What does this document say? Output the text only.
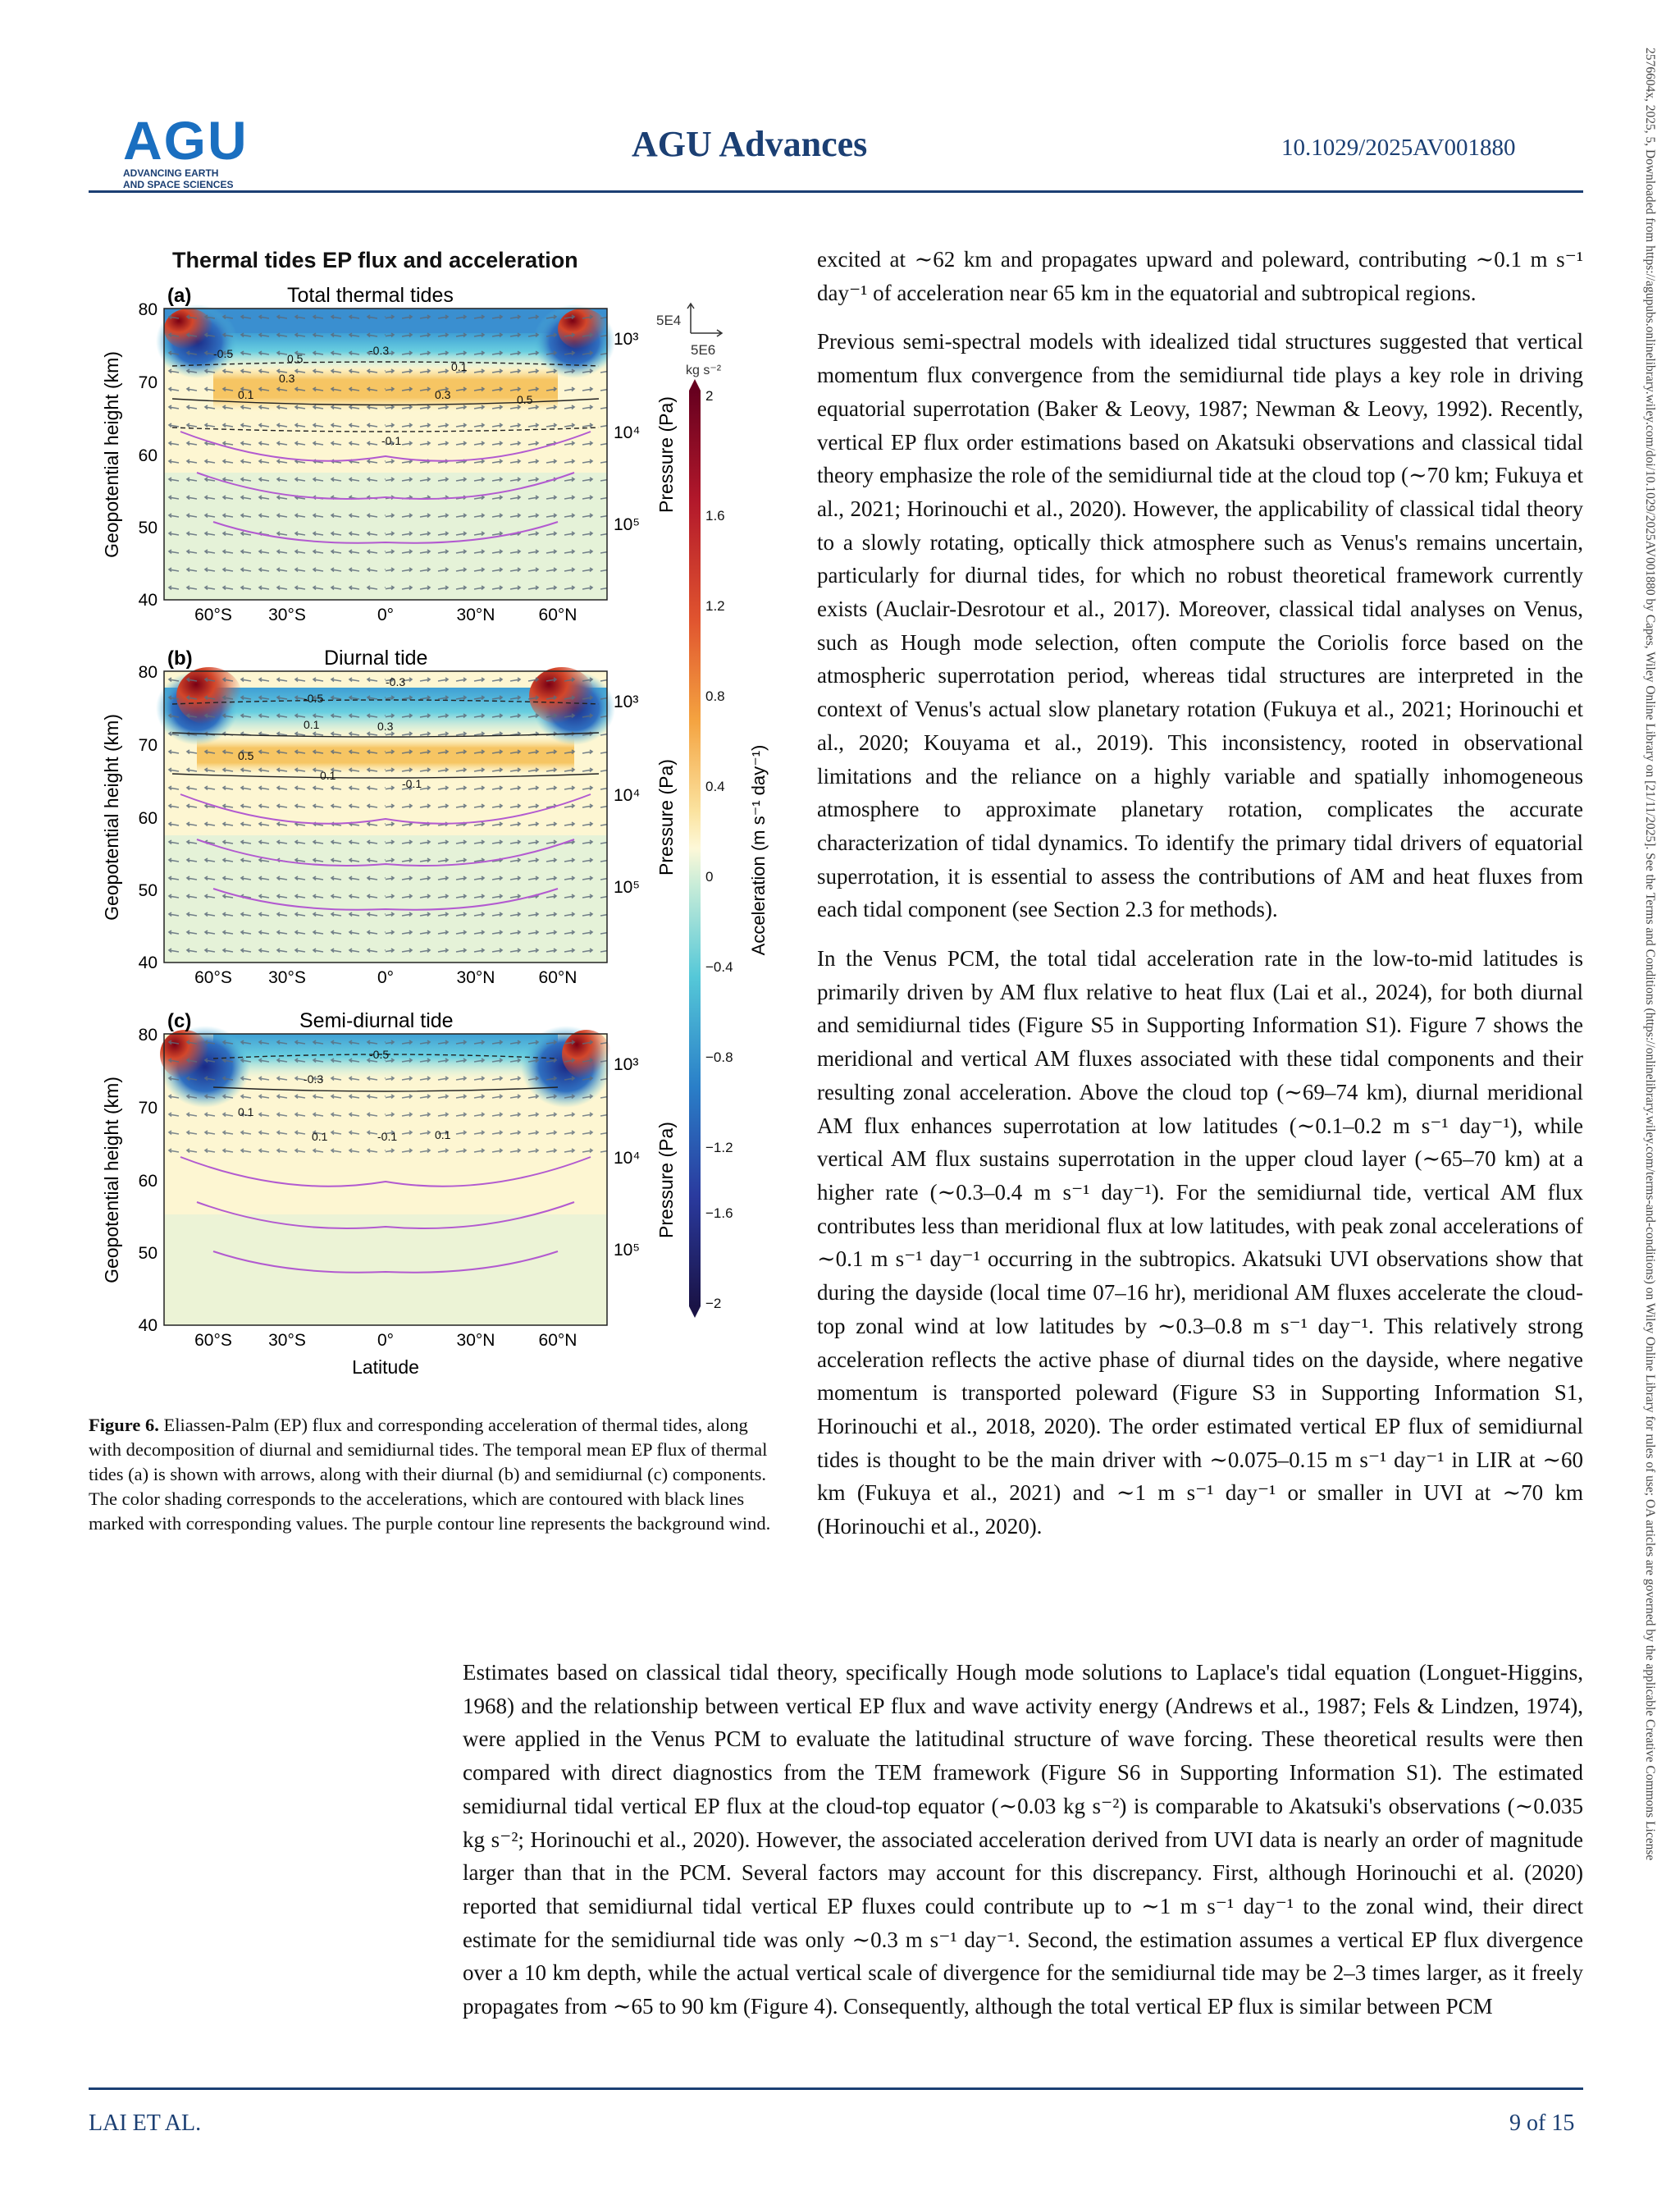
AGU
ADVANCING EARTH
AND SPACE SCIENCES
AGU Advances	10.1029/2025AV001880	2576604x, 2025, 5, Downloaded from https://agupubs.onlinelibrary.wiley.com/doi/10.1029/2025AV001880 by Capes, Wiley Online Library on [21/11/2025]. See the Terms and Conditions (https://onlinelibrary.wiley.com/terms-and-conditions) on Wiley Online Library for rules of use; OA articles are governed by the applicable Creative Commons License
Thermal tides EP flux and acceleration
0.5
0.3
0.1
-0.3
-0.5
-0.1
0.1
0.5
0.3
(a)	Total thermal tides
-0.5
-0.3
0.1	0.3
0.5
-0.1
0.1
(b)	Diurnal tide
-0.5
-0.3
0.1	-0.1	0.1
0.1
(c)	Semi-diurnal tide
80
70
60
50
40
80
70
60
50
40
80
70
60
50
40
Geopotential height (km)
Geopotential height (km)
Geopotential height (km)
60°S 30°S	0°	30°N	60°N
60°S 30°S	0°	30°N	60°N
60°S 30°S	0°	30°N	60°N
Latitude
10³
10⁴
10⁵
10³
10⁴
10⁵
10³
10⁴
10⁵
Pressure (Pa)
Pressure (Pa)
Pressure (Pa)
5E4
5E6
kg s⁻²
2
1.6
1.2
0.8
0.4
0
−0.4
−0.8
−1.2
−1.6
−2
Acceleration (m s⁻¹ day⁻¹)
Figure 6. Eliassen-Palm (EP) flux and corresponding acceleration of thermal tides, along with decomposition of diurnal and semidiurnal tides. The temporal mean EP flux of thermal tides (a) is shown with arrows, along with their diurnal (b) and semidiurnal (c) components. The color shading corresponds to the accelerations, which are contoured with black lines marked with corresponding values. The purple contour line represents the background wind.

excited at ∼62 km and propagates upward and poleward, contributing ∼0.1 m s⁻¹ day⁻¹ of acceleration near 65 km in the equatorial and subtropical regions.

Previous semi-spectral models with idealized tidal structures suggested that vertical momentum flux convergence from the semidiurnal tide plays a key role in driving equatorial superrotation (Baker & Leovy, 1987; Newman & Leovy, 1992). Recently, vertical EP flux order estimations based on Akatsuki observations and classical tidal theory emphasize the role of the semidiurnal tide at the cloud top (∼70 km; Fukuya et al., 2021; Horinouchi et al., 2020). However, the applicability of classical tidal theory to a slowly rotating, optically thick atmosphere such as Venus's remains uncertain, particularly for diurnal tides, for which no robust theoretical framework currently exists (Auclair-Desrotour et al., 2017). Moreover, classical tidal analyses on Venus, such as Hough mode selection, often compute the Coriolis force based on the atmospheric superrotation period, whereas tidal structures are interpreted in the context of Venus's actual slow planetary rotation (Fukuya et al., 2021; Horinouchi et al., 2020; Kouyama et al., 2019). This inconsistency, rooted in observational limitations and the reliance on a highly variable and spatially inhomogeneous atmosphere to approximate planetary rotation, complicates the accurate characterization of tidal dynamics. To identify the primary tidal drivers of equatorial superrotation, it is essential to assess the contributions of AM and heat fluxes from each tidal component (see Section 2.3 for methods).

In the Venus PCM, the total tidal acceleration rate in the low-to-mid latitudes is primarily driven by AM flux relative to heat flux (Lai et al., 2024), for both diurnal and semidiurnal tides (Figure S5 in Supporting Information S1). Figure 7 shows the meridional and vertical AM fluxes associated with these tidal components and their resulting zonal acceleration. Above the cloud top (∼69–74 km), diurnal meridional AM flux enhances superrotation at low latitudes (∼0.1–0.2 m s⁻¹ day⁻¹), while vertical AM flux sustains superrotation in the upper cloud layer (∼65–70 km) at a higher rate (∼0.3–0.4 m s⁻¹ day⁻¹). For the semidiurnal tide, vertical AM flux contributes less than meridional flux at low latitudes, with peak zonal accelerations of ∼0.1 m s⁻¹ day⁻¹ occurring in the subtropics. Akatsuki UVI observations show that during the dayside (local time 07–16 hr), meridional AM fluxes accelerate the cloud-top zonal wind at low latitudes by ∼0.3–0.8 m s⁻¹ day⁻¹. This relatively strong acceleration reflects the active phase of diurnal tides on the dayside, where negative momentum is transported poleward (Figure S3 in Supporting Information S1, Horinouchi et al., 2018, 2020). The order estimated vertical EP flux of semidiurnal tides is thought to be the main driver with ∼0.075–0.15 m s⁻¹ day⁻¹ in LIR at ∼60 km (Fukuya et al., 2021) and ∼1 m s⁻¹ day⁻¹ or smaller in UVI at ∼70 km (Horinouchi et al., 2020).

Estimates based on classical tidal theory, specifically Hough mode solutions to Laplace's tidal equation (Longuet-Higgins, 1968) and the relationship between vertical EP flux and wave activity energy (Andrews et al., 1987; Fels & Lindzen, 1974), were applied in the Venus PCM to evaluate the latitudinal structure of wave forcing. These theoretical results were then compared with direct diagnostics from the TEM framework (Figure S6 in Supporting Information S1). The estimated semidiurnal tidal vertical EP flux at the cloud-top equator (∼0.03 kg s⁻²) is comparable to Akatsuki's observations (∼0.035 kg s⁻²; Horinouchi et al., 2020). However, the associated acceleration derived from UVI data is nearly an order of magnitude larger than that in the PCM. Several factors may account for this discrepancy. First, although Horinouchi et al. (2020) reported that semidiurnal tidal vertical EP fluxes could contribute up to ∼1 m s⁻¹ day⁻¹ to the zonal wind, their direct estimate for the semidiurnal tide was only ∼0.3 m s⁻¹ day⁻¹. Second, the estimation assumes a vertical EP flux divergence over a 10 km depth, while the actual vertical scale of divergence for the semidiurnal tide may be 2–3 times larger, as it freely propagates from ∼65 to 90 km (Figure 4). Consequently, although the total vertical EP flux is similar between PCM
LAI ET AL.	9 of 15
